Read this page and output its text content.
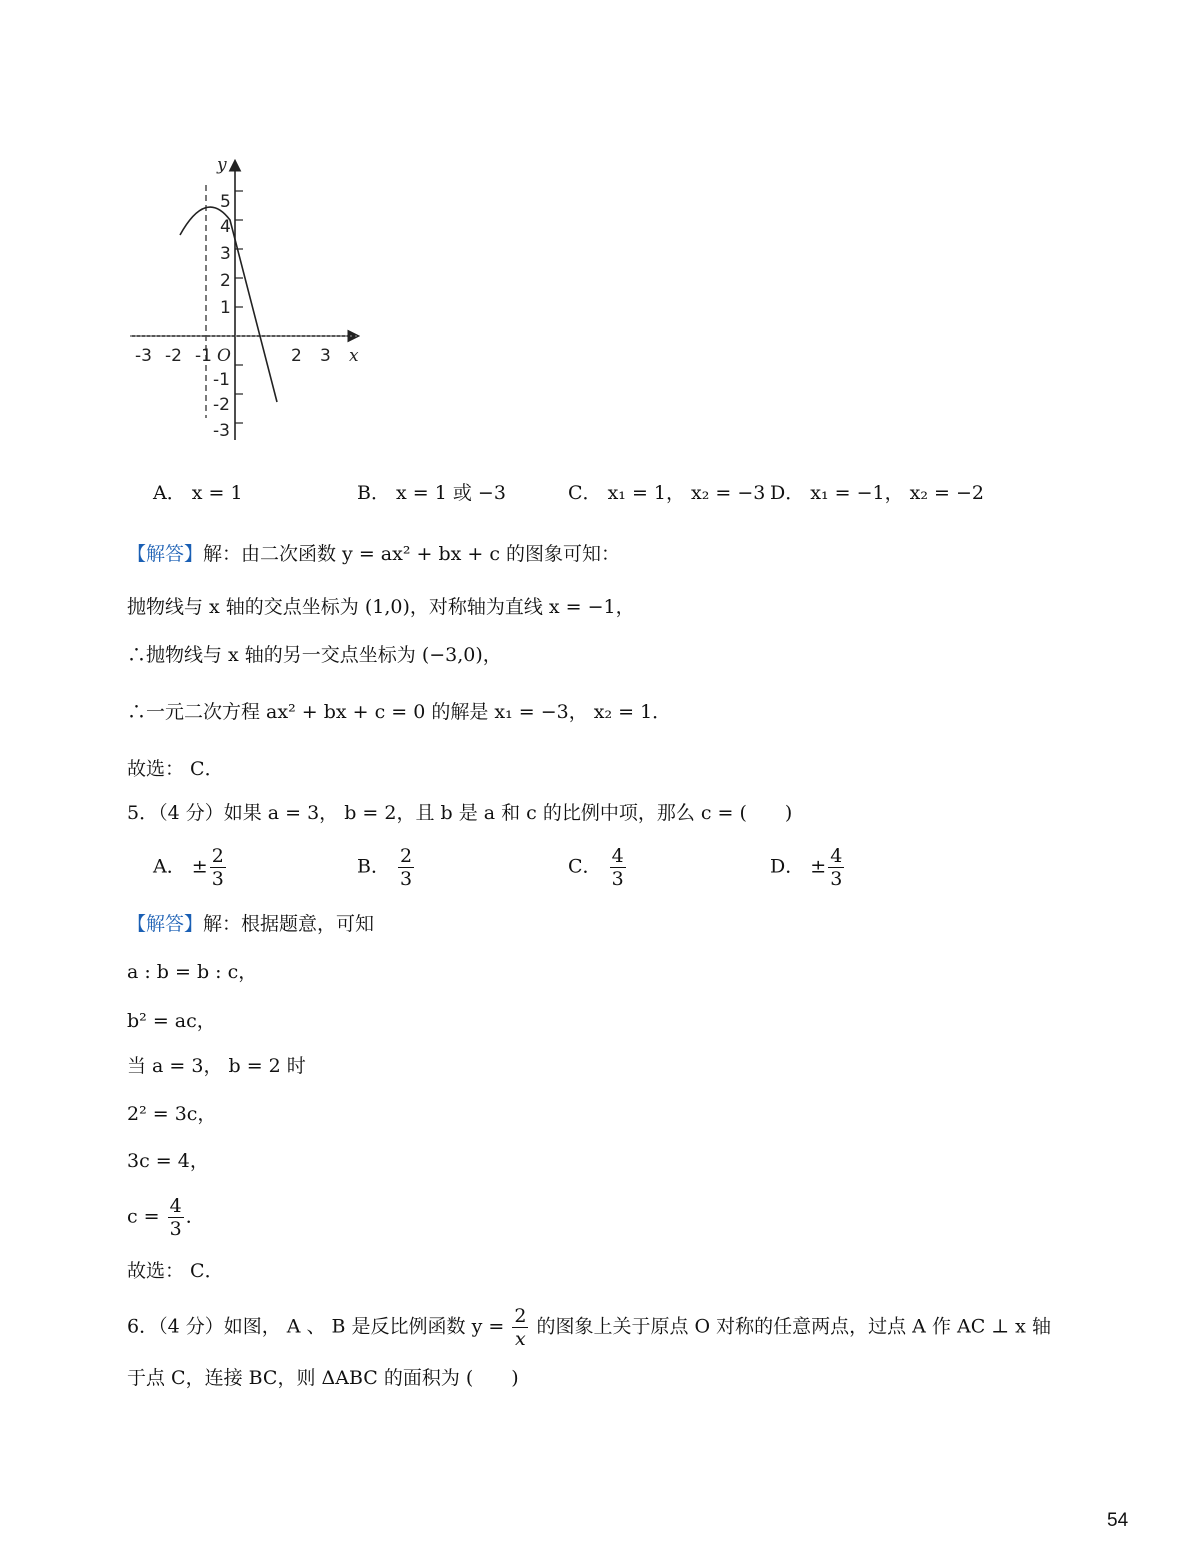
y
x
O
-3 -2 -1	2 3
5
4
3
2
1
-1
-2
-3
A． x = 1	B． x = 1 或 −3	C． x₁ = 1， x₂ = −3 D． x₁ = −1， x₂ = −2
【解答】解：由二次函数 y = ax² + bx + c 的图象可知：
抛物线与 x 轴的交点坐标为 (1,0)，对称轴为直线 x = −1，
∴抛物线与 x 轴的另一交点坐标为 (−3,0)，
∴一元二次方程 ax² + bx + c = 0 的解是 x₁ = −3， x₂ = 1．
故选： C．
5．（4 分）如果 a = 3， b = 2，且 b 是 a 和 c 的比例中项，那么 c = (　　)
A． ± $\frac{2}{3}$	B． $\frac{2}{3}$	C． $\frac{4}{3}$	D． ± $\frac{4}{3}$
【解答】解：根据题意，可知
a : b = b : c，
b² = ac，
当 a = 3， b = 2 时
2² = 3c，
3c = 4，
$c = \frac{4}{3}$ ．
故选： C．
6．（4 分）如图， A 、 B 是反比例函数 $y = \frac{2}{x}$ 的图象上关于原点 O 对称的任意两点，过点 A 作 AC ⊥ x 轴
于点 C，连接 BC，则 ΔABC 的面积为 (　　)
54
